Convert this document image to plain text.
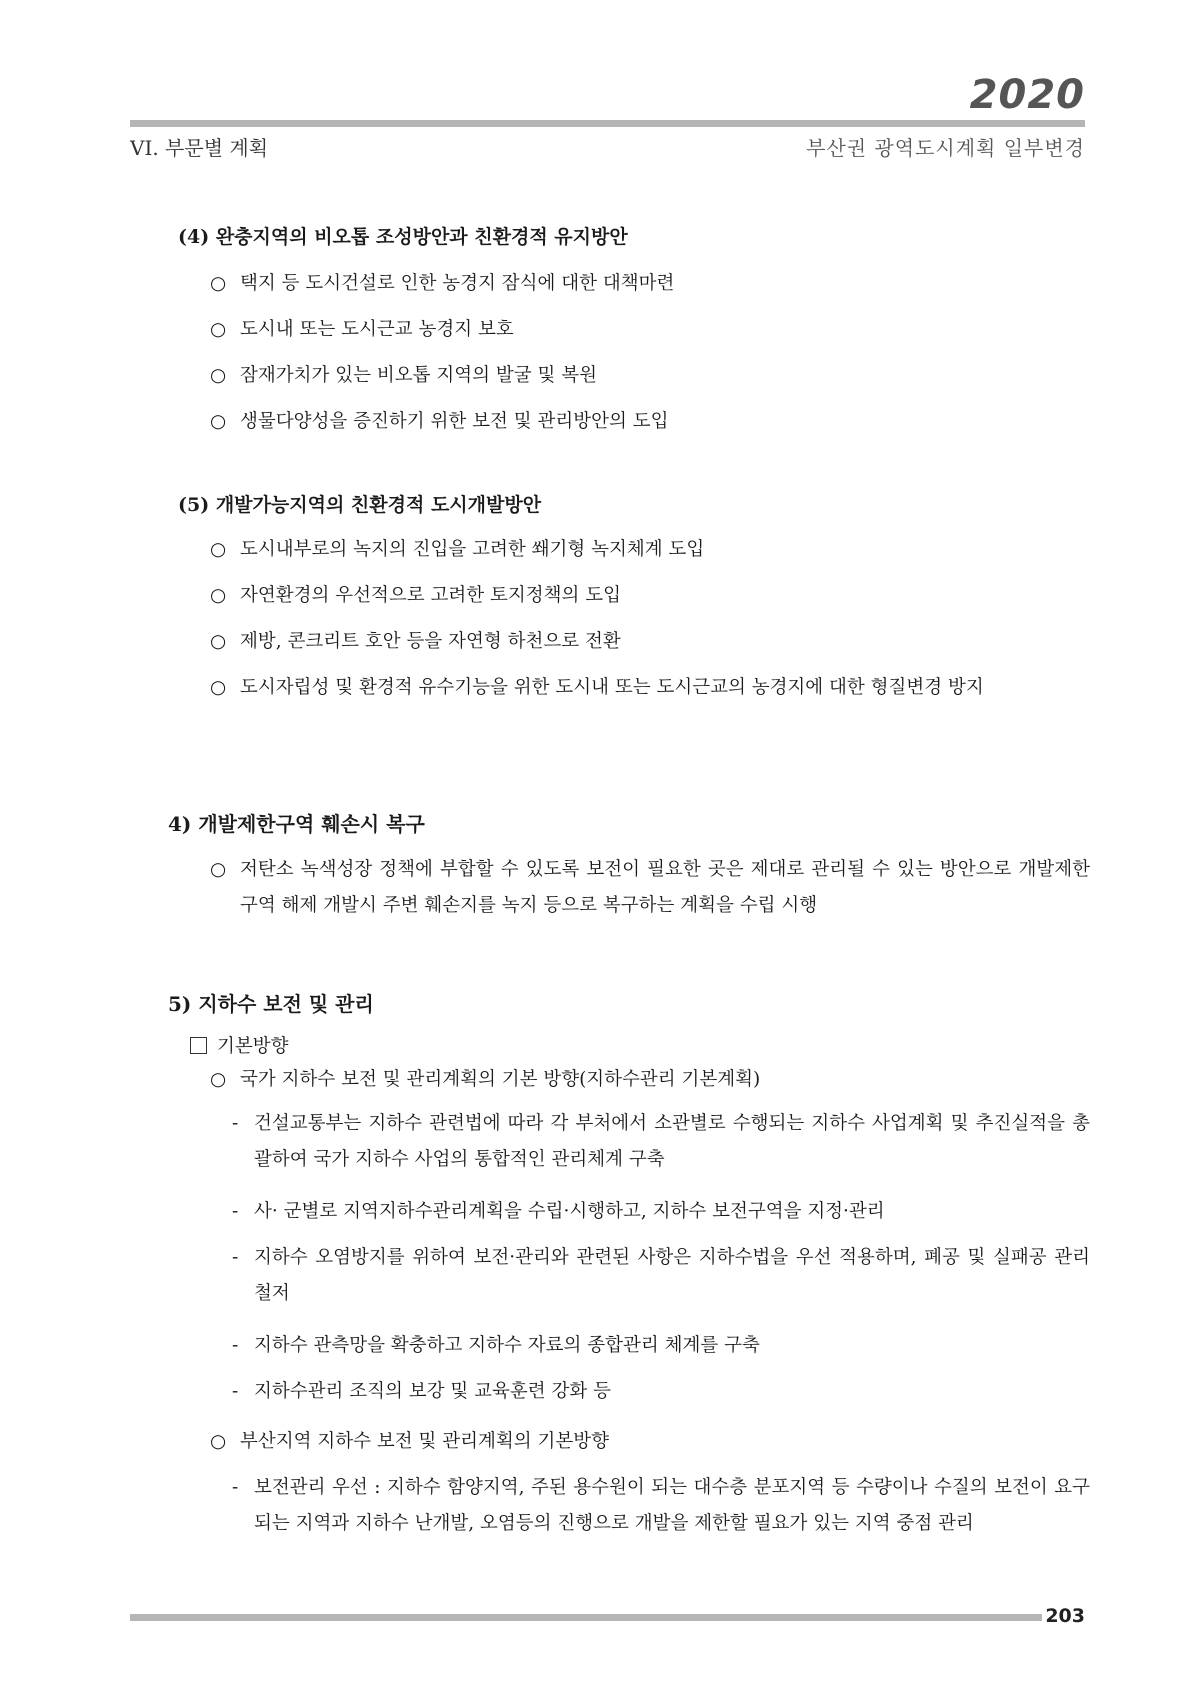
2020
VI. 부문별 계획	부산권 광역도시계획 일부변경
(4) 완충지역의 비오톱 조성방안과 친환경적 유지방안
○ 택지 등 도시건설로 인한 농경지 잠식에 대한 대책마련
○ 도시내 또는 도시근교 농경지 보호
○ 잠재가치가 있는 비오톱 지역의 발굴 및 복원
○ 생물다양성을 증진하기 위한 보전 및 관리방안의 도입
(5) 개발가능지역의 친환경적 도시개발방안
○ 도시내부로의 녹지의 진입을 고려한 쐐기형 녹지체계 도입
○ 자연환경의 우선적으로 고려한 토지정책의 도입
○ 제방, 콘크리트 호안 등을 자연형 하천으로 전환
○ 도시자립성 및 환경적 유수기능을 위한 도시내 또는 도시근교의 농경지에 대한 형질변경 방지
4) 개발제한구역 훼손시 복구
○ 저탄소 녹색성장 정책에 부합할 수 있도록 보전이 필요한 곳은 제대로 관리될 수 있는 방안으로 개발제한구역 해제 개발시 주변 훼손지를 녹지 등으로 복구하는 계획을 수립 시행
5) 지하수 보전 및 관리
기본방향
○ 국가 지하수 보전 및 관리계획의 기본 방향(지하수관리 기본계획)
- 건설교통부는 지하수 관련법에 따라 각 부처에서 소관별로 수행되는 지하수 사업계획 및 추진실적을 총괄하여 국가 지하수 사업의 통합적인 관리체계 구축
- 사· 군별로 지역지하수관리계획을 수립·시행하고, 지하수 보전구역을 지정·관리
- 지하수 오염방지를 위하여 보전·관리와 관련된 사항은 지하수법을 우선 적용하며, 폐공 및 실패공 관리 철저
- 지하수 관측망을 확충하고 지하수 자료의 종합관리 체계를 구축
- 지하수관리 조직의 보강 및 교육훈련 강화 등
○ 부산지역 지하수 보전 및 관리계획의 기본방향
- 보전관리 우선 : 지하수 함양지역, 주된 용수원이 되는 대수층 분포지역 등 수량이나 수질의 보전이 요구되는 지역과 지하수 난개발, 오염등의 진행으로 개발을 제한할 필요가 있는 지역 중점 관리
203
